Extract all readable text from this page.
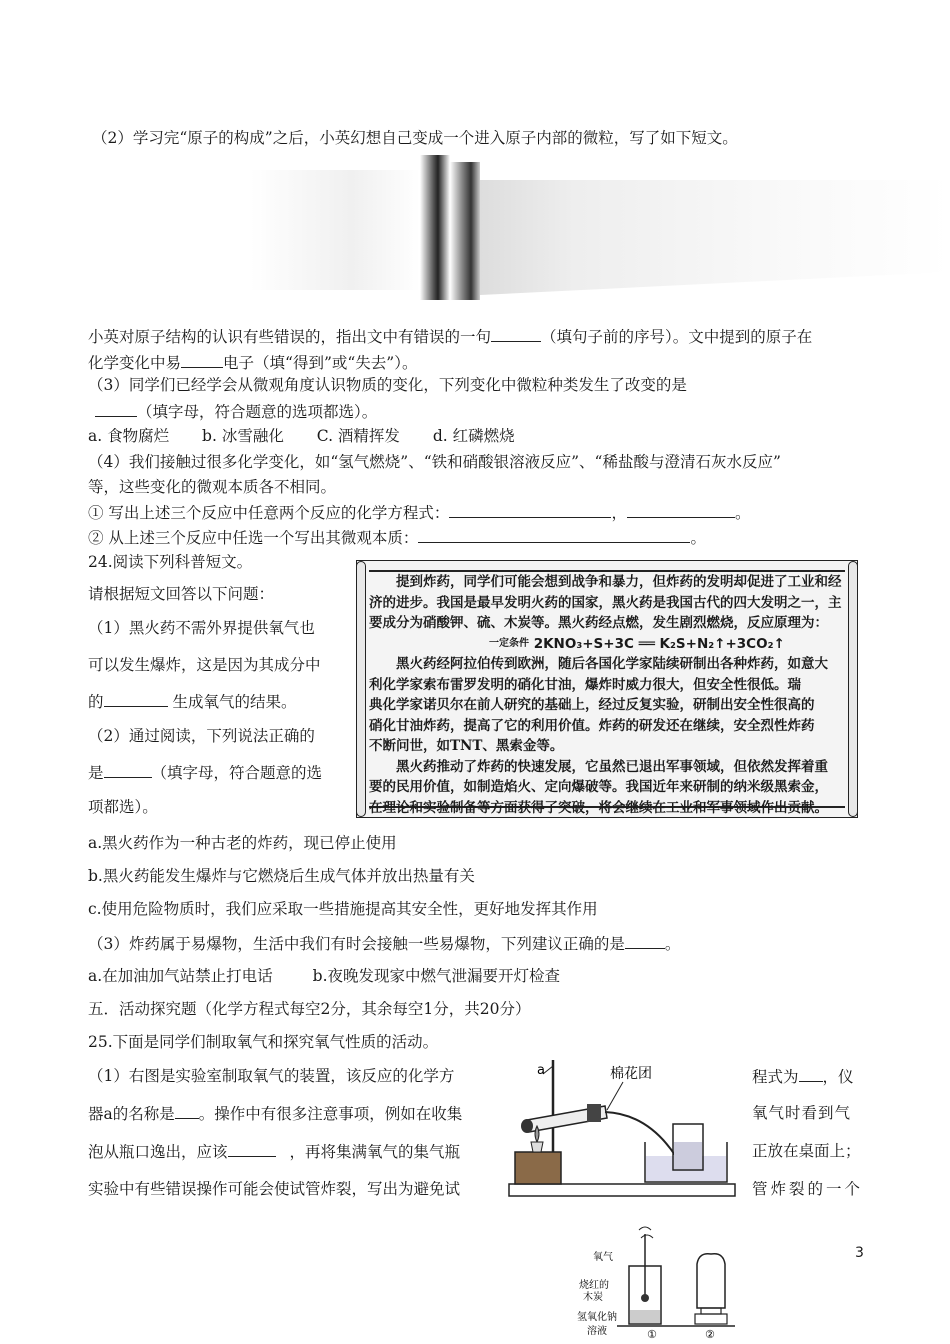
（2）学习完“原子的构成”之后，小英幻想自己变成一个进入原子内部的微粒，写了如下短文。
小英对原子结构的认识有些错误的，指出文中有错误的一句	（填句子前的序号）。文中提到的原子在
化学变化中易	电子（填“得到”或“失去”）。
（3）同学们已经学会从微观角度认识物质的变化，下列变化中微粒种类发生了改变的是
（填字母，符合题意的选项都选）。
a. 食物腐烂 b. 冰雪融化 C. 酒精挥发 d. 红磷燃烧
（4）我们接触过很多化学变化，如“氢气燃烧”、“铁和硝酸银溶液反应”、“稀盐酸与澄清石灰水反应”
等，这些变化的微观本质各不相同。
① 写出上述三个反应中任意两个反应的化学方程式：	，	。
② 从上述三个反应中任选一个写出其微观本质：	。
24.阅读下列科普短文。
请根据短文回答以下问题：
（1）黑火药不需外界提供氧气也
可以发生爆炸，这是因为其成分中
的	生成氧气的结果。
（2）通过阅读，下列说法正确的
是	（填字母，符合题意的选
项都选）。

提到炸药，同学们可能会想到战争和暴力，但炸药的发明却促进了工业和经

济的进步。我国是最早发明火药的国家，黑火药是我国古代的四大发明之一，主

要成分为硝酸钾、硫、木炭等。黑火药经点燃，发生剧烈燃烧，反应原理为：

$^{一定条件}$ 2KNO₃+S+3C ══ K₂S+N₂↑+3CO₂↑

黑火药经阿拉伯传到欧洲，随后各国化学家陆续研制出各种炸药，如意大

利化学家索布雷罗发明的硝化甘油，爆炸时威力很大，但安全性很低。瑞

典化学家诺贝尔在前人研究的基础上，经过反复实验，研制出安全性很高的

硝化甘油炸药，提高了它的利用价值。炸药的研发还在继续，安全烈性炸药

不断问世，如TNT、黑索金等。

黑火药推动了炸药的快速发展，它虽然已退出军事领域，但依然发挥着重

要的民用价值，如制造焰火、定向爆破等。我国近年来研制的纳米级黑索金，

在理论和实验制备等方面获得了突破，将会继续在工业和军事领域作出贡献。

a.黑火药作为一种古老的炸药，现已停止使用
b.黑火药能发生爆炸与它燃烧后生成气体并放出热量有关
c.使用危险物质时，我们应采取一些措施提高其安全性，更好地发挥其作用
（3）炸药属于易爆物，生活中我们有时会接触一些易爆物，下列建议正确的是	。
a.在加油加气站禁止打电话	b.夜晚发现家中燃气泄漏要开灯检查
五．活动探究题（化学方程式每空2分，其余每空1分，共20分）
25.下面是同学们制取氧气和探究氧气性质的活动。
（1）右图是实验室制取氧气的装置，该反应的化学方
器a的名称是 。操作中有很多注意事项，例如在收集
泡从瓶口逸出，应该	，再将集满氧气的集气瓶
实验中有些错误操作可能会使试管炸裂，写出为避免试
程式为 ，仪
氧气时看到气
正放在桌面上；
管炸裂的一个
a	棉花团
氧气
烧红的
木炭
氢氧化钠
溶液	①	②
3
